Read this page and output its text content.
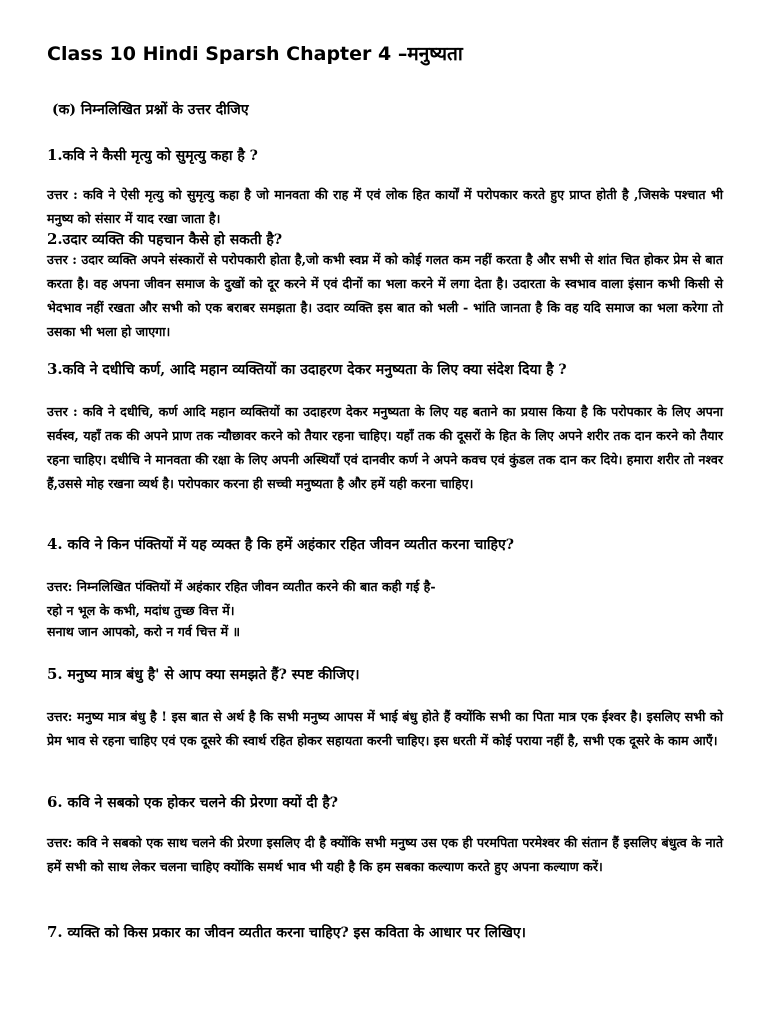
Class 10 Hindi Sparsh Chapter 4 –मनुष्यता
(क) निम्नलिखित प्रश्नों के उत्तर दीजिए
1.कवि ने कैसी मृत्यु को सुमृत्यु कहा है ?
उत्तर : कवि ने ऐसी मृत्यु को सुमृत्यु कहा है जो मानवता की राह में एवं लोक हित कार्यों में परोपकार करते हुए प्राप्त होती है ,जिसके पश्चात भी मनुष्य को संसार में याद रखा जाता है।
2.उदार व्यक्ति की पहचान कैसे हो सकती है?
उत्तर : उदार व्यक्ति अपने संस्कारों से परोपकारी होता है,जो कभी स्वप्न में को कोई गलत कम नहीं करता है और सभी से शांत चित होकर प्रेम से बात करता है। वह अपना जीवन समाज के दुखों को दूर करने में एवं दीनों का भला करने में लगा देता है। उदारता के स्वभाव वाला इंसान कभी किसी से भेदभाव नहीं रखता और सभी को एक बराबर समझता है। उदार व्यक्ति इस बात को भली - भांति जानता है कि वह यदि समाज का भला करेगा तो उसका भी भला हो जाएगा।
3.कवि ने दधीचि कर्ण, आदि महान व्यक्तियों का उदाहरण देकर मनुष्यता के लिए क्या संदेश दिया है ?
उत्तर : कवि ने दधीचि, कर्ण आदि महान व्यक्तियों का उदाहरण देकर मनुष्यता के लिए यह बताने का प्रयास किया है कि परोपकार के लिए अपना सर्वस्व, यहाँ तक की अपने प्राण तक न्यौछावर करने को तैयार रहना चाहिए। यहाँ तक की दूसरों के हित के लिए अपने शरीर तक दान करने को तैयार रहना चाहिए। दधीचि ने मानवता की रक्षा के लिए अपनी अस्थियाँ एवं दानवीर कर्ण ने अपने कवच एवं कुंडल तक दान कर दिये। हमारा शरीर तो नश्वर हैं,उससे मोह रखना व्यर्थ है। परोपकार करना ही सच्ची मनुष्यता है और हमें यही करना चाहिए।
4. कवि ने किन पंक्तियों में यह व्यक्त है कि हमें अहंकार रहित जीवन व्यतीत करना चाहिए?
उत्तर: निम्नलिखित पंक्तियों में अहंकार रहित जीवन व्यतीत करने की बात कही गई है-
रहो न भूल के कभी, मदांध तुच्छ वित्त में।
सनाथ जान आपको, करो न गर्व चित्त में ॥
5. मनुष्य मात्र बंधु है' से आप क्या समझते हैं? स्पष्ट कीजिए।
उत्तर: मनुष्य मात्र बंधु है ! इस बात से अर्थ है कि सभी मनुष्य आपस में भाई बंधु होते हैं क्योंकि सभी का पिता मात्र एक ईश्वर है। इसलिए सभी को प्रेम भाव से रहना चाहिए एवं एक दूसरे की स्वार्थ रहित होकर सहायता करनी चाहिए। इस धरती में कोई पराया नहीं है, सभी एक दूसरे के काम आएँ।
6. कवि ने सबको एक होकर चलने की प्रेरणा क्यों दी है?
उत्तर: कवि ने सबको एक साथ चलने की प्रेरणा इसलिए दी है क्योंकि सभी मनुष्य उस एक ही परमपिता परमेश्वर की संतान हैं इसलिए बंधुत्व के नाते हमें सभी को साथ लेकर चलना चाहिए क्योंकि समर्थ भाव भी यही है कि हम सबका कल्याण करते हुए अपना कल्याण करें।
7. व्यक्ति को किस प्रकार का जीवन व्यतीत करना चाहिए? इस कविता के आधार पर लिखिए।
